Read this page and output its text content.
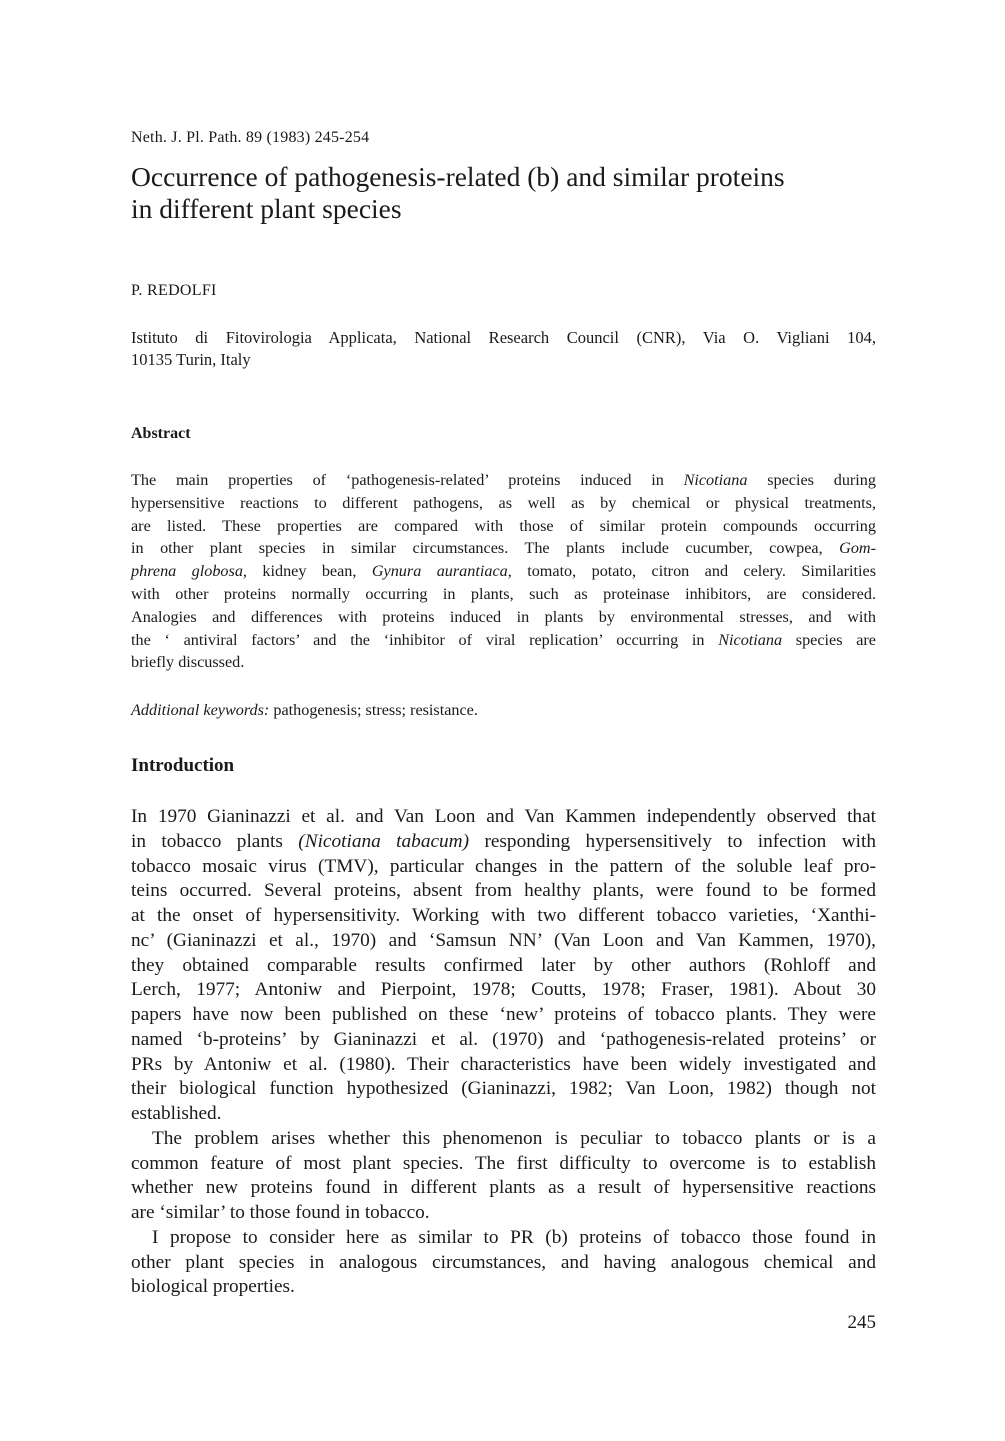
Neth. J. Pl. Path. 89 (1983) 245-254
Occurrence of pathogenesis-related (b) and similar proteins
in different plant species
P. REDOLFI
Istituto di Fitovirologia Applicata, National Research Council (CNR), Via O. Vigliani 104,
10135 Turin, Italy
Abstract
The main properties of ‘pathogenesis-related’ proteins induced in Nicotiana species during
hypersensitive reactions to different pathogens, as well as by chemical or physical treatments,
are listed. These properties are compared with those of similar protein compounds occurring
in other plant species in similar circumstances. The plants include cucumber, cowpea, Gom-
phrena globosa, kidney bean, Gynura aurantiaca, tomato, potato, citron and celery. Similarities
with other proteins normally occurring in plants, such as proteinase inhibitors, are considered.
Analogies and differences with proteins induced in plants by environmental stresses, and with
the ‘ antiviral factors’ and the ‘inhibitor of viral replication’ occurring in Nicotiana species are
briefly discussed.
Additional keywords: pathogenesis; stress; resistance.
Introduction
In 1970 Gianinazzi et al. and Van Loon and Van Kammen independently observed that
in tobacco plants (Nicotiana tabacum) responding hypersensitively to infection with
tobacco mosaic virus (TMV), particular changes in the pattern of the soluble leaf pro-
teins occurred. Several proteins, absent from healthy plants, were found to be formed
at the onset of hypersensitivity. Working with two different tobacco varieties, ‘Xanthi-
nc’ (Gianinazzi et al., 1970) and ‘Samsun NN’ (Van Loon and Van Kammen, 1970),
they obtained comparable results confirmed later by other authors (Rohloff and
Lerch, 1977; Antoniw and Pierpoint, 1978; Coutts, 1978; Fraser, 1981). About 30
papers have now been published on these ‘new’ proteins of tobacco plants. They were
named ‘b-proteins’ by Gianinazzi et al. (1970) and ‘pathogenesis-related proteins’ or
PRs by Antoniw et al. (1980). Their characteristics have been widely investigated and
their biological function hypothesized (Gianinazzi, 1982; Van Loon, 1982) though not
established.
The problem arises whether this phenomenon is peculiar to tobacco plants or is a
common feature of most plant species. The first difficulty to overcome is to establish
whether new proteins found in different plants as a result of hypersensitive reactions
are ‘similar’ to those found in tobacco.
I propose to consider here as similar to PR (b) proteins of tobacco those found in
other plant species in analogous circumstances, and having analogous chemical and
biological properties.
245
